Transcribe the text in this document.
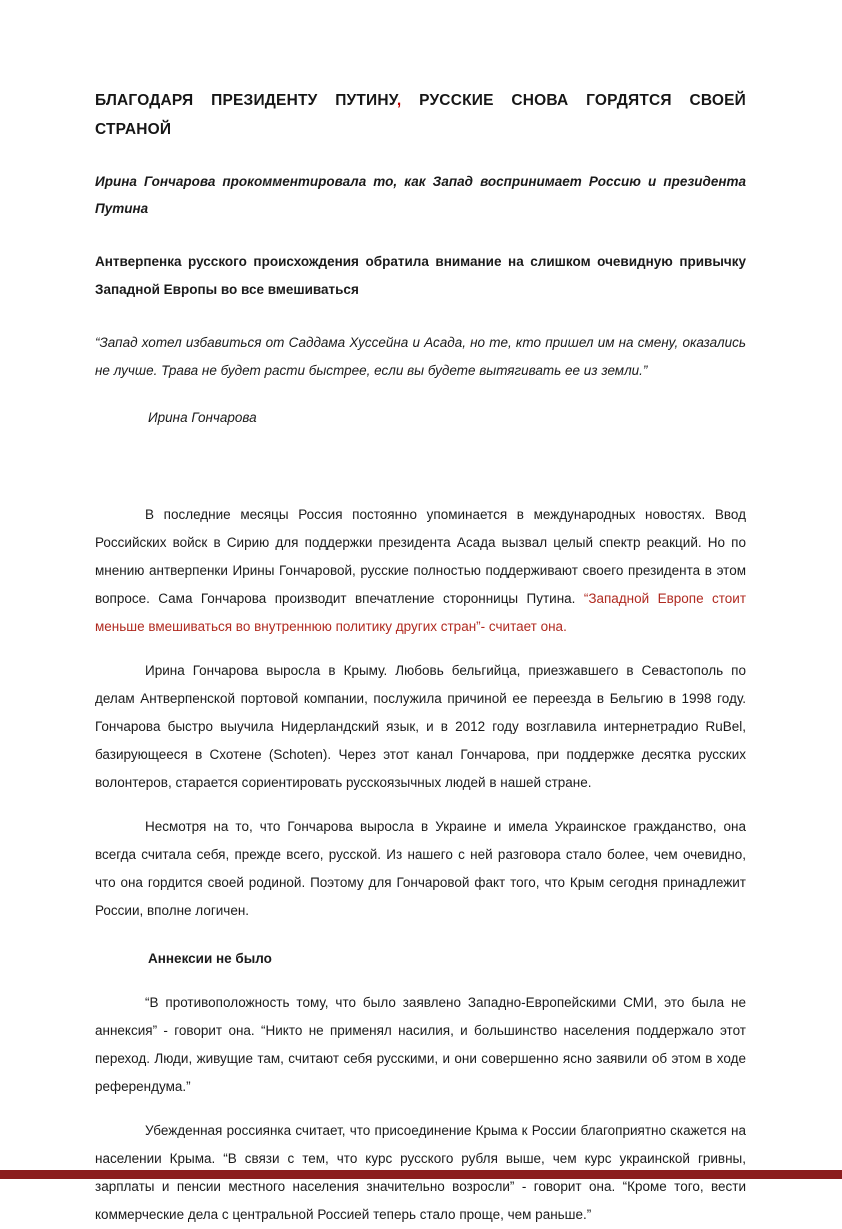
БЛАГОДАРЯ ПРЕЗИДЕНТУ ПУТИНУ, РУССКИЕ СНОВА ГОРДЯТСЯ СВОЕЙ СТРАНОЙ

Ирина Гончарова прокомментировала то, как Запад воспринимает Россию и президента Путина

Антверпенка русского происхождения обратила внимание на слишком очевидную привычку Западной Европы во все вмешиваться

“Запад хотел избавиться от Саддама Хуссейна и Асада, но те, кто пришел им на смену, оказались не лучше. Трава не будет расти быстрее, если вы будете вытягивать ее из земли.”

Ирина Гончарова

В последние месяцы Россия постоянно упоминается в международных новостях. Ввод Российских войск в Сирию для поддержки президента Асада вызвал целый спектр реакций. Но по мнению антверпенки Ирины Гончаровой, русские полностью поддерживают своего президента в этом вопросе. Сама Гончарова производит впечатление сторонницы Путина. “Западной Европе стоит меньше вмешиваться во внутреннюю политику других стран”- считает она.

Ирина Гончарова выросла в Крыму. Любовь бельгийца, приезжавшего в Севастополь по делам Антверпенской портовой компании, послужила причиной ее переезда в Бельгию в 1998 году. Гончарова быстро выучила Нидерландский язык, и в 2012 году возглавила интернетрадио RuBel, базирующееся в Схотене (Schoten). Через этот канал Гончарова, при поддержке десятка русских волонтеров, старается сориентировать русскоязычных людей в нашей стране.

Несмотря на то, что Гончарова выросла в Украине и имела Украинское гражданство, она всегда считала себя, прежде всего, русской. Из нашего с ней разговора стало более, чем очевидно, что она гордится своей родиной. Поэтому для Гончаровой факт того, что Крым сегодня принадлежит России, вполне логичен.

Аннексии не было

“В противоположность тому, что было заявлено Западно-Европейскими СМИ, это была не аннексия” - говорит она. “Никто не применял насилия, и большинство населения поддержало этот переход. Люди, живущие там, считают себя русскими, и они совершенно ясно заявили об этом в ходе референдума.”

Убежденная россиянка считает, что присоединение Крыма к России благоприятно скажется на населении Крыма. “В связи с тем, что курс русского рубля выше, чем курс украинской гривны, зарплаты и пенсии местного населения значительно возросли” - говорит она. “Кроме того, вести коммерческие дела с центральной Россией теперь стало проще, чем раньше.”
